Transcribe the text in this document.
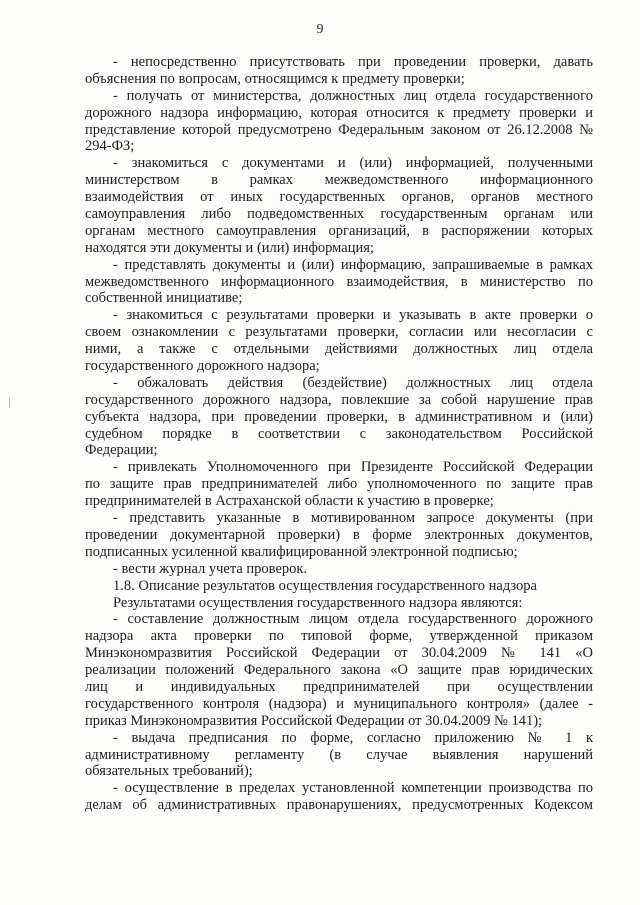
9
- непосредственно присутствовать при проведении проверки, давать
объяснения по вопросам, относящимся к предмету проверки;
- получать от министерства, должностных лиц отдела государственного
дорожного надзора информацию, которая относится к предмету проверки и
представление которой предусмотрено Федеральным законом от 26.12.2008 №
294-ФЗ;
- знакомиться с документами и (или) информацией, полученными
министерством в рамках межведомственного информационного
взаимодействия от иных государственных органов, органов местного
самоуправления либо подведомственных государственным органам или
органам местного самоуправления организаций, в распоряжении которых
находятся эти документы и (или) информация;
- представлять документы и (или) информацию, запрашиваемые в рамках
межведомственного информационного взаимодействия, в министерство по
собственной инициативе;
- знакомиться с результатами проверки и указывать в акте проверки о
своем ознакомлении с результатами проверки, согласии или несогласии с
ними, а также с отдельными действиями должностных лиц отдела
государственного дорожного надзора;
- обжаловать действия (бездействие) должностных лиц отдела
государственного дорожного надзора, повлекшие за собой нарушение прав
субъекта надзора, при проведении проверки, в административном и (или)
судебном порядке в соответствии с законодательством Российской
Федерации;
- привлекать Уполномоченного при Президенте Российской Федерации
по защите прав предпринимателей либо уполномоченного по защите прав
предпринимателей в Астраханской области к участию в проверке;
- представить указанные в мотивированном запросе документы (при
проведении документарной проверки) в форме электронных документов,
подписанных усиленной квалифицированной электронной подписью;
- вести журнал учета проверок.
1.8. Описание результатов осуществления государственного надзора
Результатами осуществления государственного надзора являются:
- составление должностным лицом отдела государственного дорожного
надзора акта проверки по типовой форме, утвержденной приказом
Минэкономразвития Российской Федерации от 30.04.2009 № 141 «О
реализации положений Федерального закона «О защите прав юридических
лиц и индивидуальных предпринимателей при осуществлении
государственного контроля (надзора) и муниципального контроля» (далее -
приказ Минэкономразвития Российской Федерации от 30.04.2009 № 141);
- выдача предписания по форме, согласно приложению № 1 к
административному регламенту (в случае выявления нарушений
обязательных требований);
- осуществление в пределах установленной компетенции производства по
делам об административных правонарушениях, предусмотренных Кодексом
